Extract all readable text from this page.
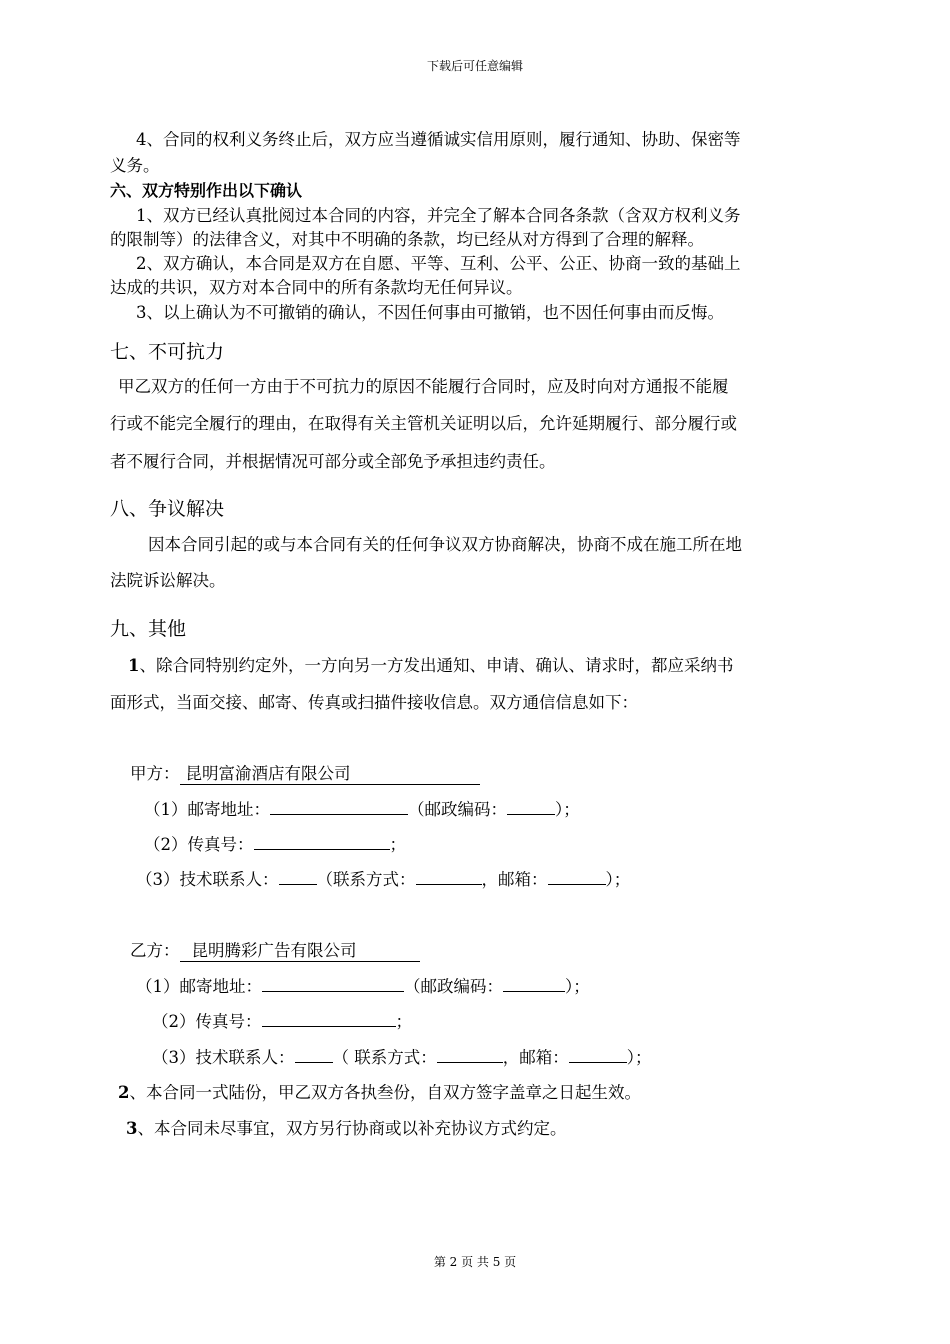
下载后可任意编辑
4、合同的权利义务终止后，双方应当遵循诚实信用原则，履行通知、协助、保密等
义务。
六、双方特别作出以下确认
1、双方已经认真批阅过本合同的内容，并完全了解本合同各条款（含双方权利义务
的限制等）的法律含义，对其中不明确的条款，均已经从对方得到了合理的解释。
2、双方确认，本合同是双方在自愿、平等、互利、公平、公正、协商一致的基础上
达成的共识，双方对本合同中的所有条款均无任何异议。
3、以上确认为不可撤销的确认，不因任何事由可撤销，也不因任何事由而反悔。
七、不可抗力
甲乙双方的任何一方由于不可抗力的原因不能履行合同时，应及时向对方通报不能履
行或不能完全履行的理由，在取得有关主管机关证明以后，允许延期履行、部分履行或
者不履行合同，并根据情况可部分或全部免予承担违约责任。
八、争议解决
因本合同引起的或与本合同有关的任何争议双方协商解决，协商不成在施工所在地
法院诉讼解决。
九、其他
1、除合同特别约定外，一方向另一方发出通知、申请、确认、请求时，都应采纳书
面形式，当面交接、邮寄、传真或扫描件接收信息。双方通信信息如下：
甲方： 昆明富渝酒店有限公司
（1）邮寄地址：	（邮政编码：	）；
（2）传真号：	；
（3）技术联系人： （联系方式：	，邮箱：	）；
乙方： 昆明腾彩广告有限公司
（1）邮寄地址：	（邮政编码：	）；
（2）传真号：	；
（3）技术联系人： （ 联系方式：	，邮箱：	）；
2、本合同一式陆份，甲乙双方各执叁份，自双方签字盖章之日起生效。
3、本合同未尽事宜，双方另行协商或以补充协议方式约定。
第 2 页 共 5 页
